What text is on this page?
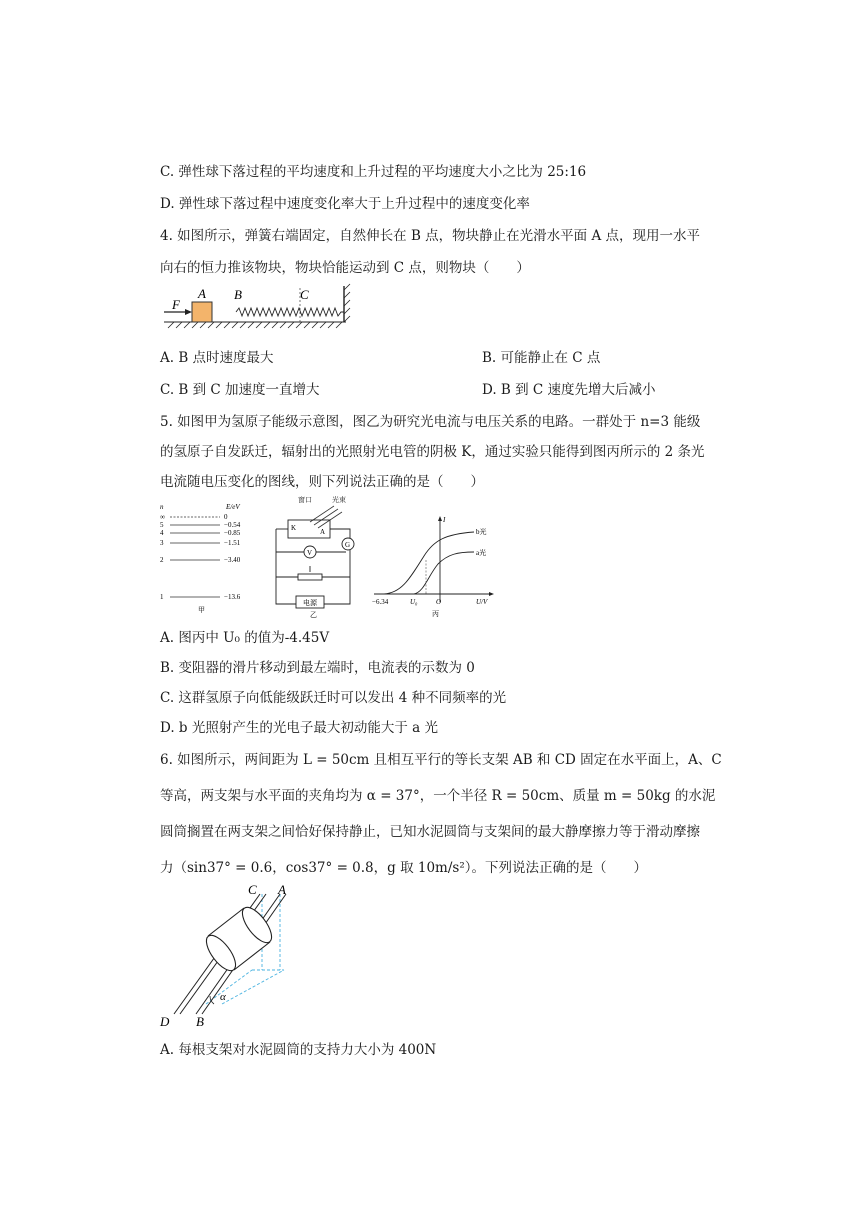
C. 弹性球下落过程的平均速度和上升过程的平均速度大小之比为 25:16
D. 弹性球下落过程中速度变化率大于上升过程中的速度变化率
4. 如图所示，弹簧右端固定，自然伸长在 B 点，物块静止在光滑水平面 A 点，现用一水平
向右的恒力推该物块，物块恰能运动到 C 点，则物块（　　）
F
A B	C
A. B 点时速度最大	B. 可能静止在 C 点
C. B 到 C 加速度一直增大	D. B 到 C 速度先增大后减小
5. 如图甲为氢原子能级示意图，图乙为研究光电流与电压关系的电路。一群处于 n=3 能级
的氢原子自发跃迁，辐射出的光照射光电管的阴极 K，通过实验只能得到图丙所示的 2 条光
电流随电压变化的图线，则下列说法正确的是（　　）
n	E/eV
∞	0
5	−0.54
4	−0.85
3	−1.51
2	−3.40
1	−13.6
甲
窗口	光束
K	A
V
G
电源
乙
I
b光
a光
−6.34	U₀	O	U/V
丙
A. 图丙中 U₀ 的值为-4.45V
B. 变阻器的滑片移动到最左端时，电流表的示数为 0
C. 这群氢原子向低能级跃迁时可以发出 4 种不同频率的光
D. b 光照射产生的光电子最大初动能大于 a 光
6. 如图所示，两间距为 L = 50cm 且相互平行的等长支架 AB 和 CD 固定在水平面上，A、C
等高，两支架与水平面的夹角均为 α = 37°，一个半径 R = 50cm、质量 m = 50kg 的水泥
圆筒搁置在两支架之间恰好保持静止，已知水泥圆筒与支架间的最大静摩擦力等于滑动摩擦
力（sin37° = 0.6，cos37° = 0.8，g 取 10m/s²）。下列说法正确的是（　　）
α
C A
D B
A. 每根支架对水泥圆筒的支持力大小为 400N
